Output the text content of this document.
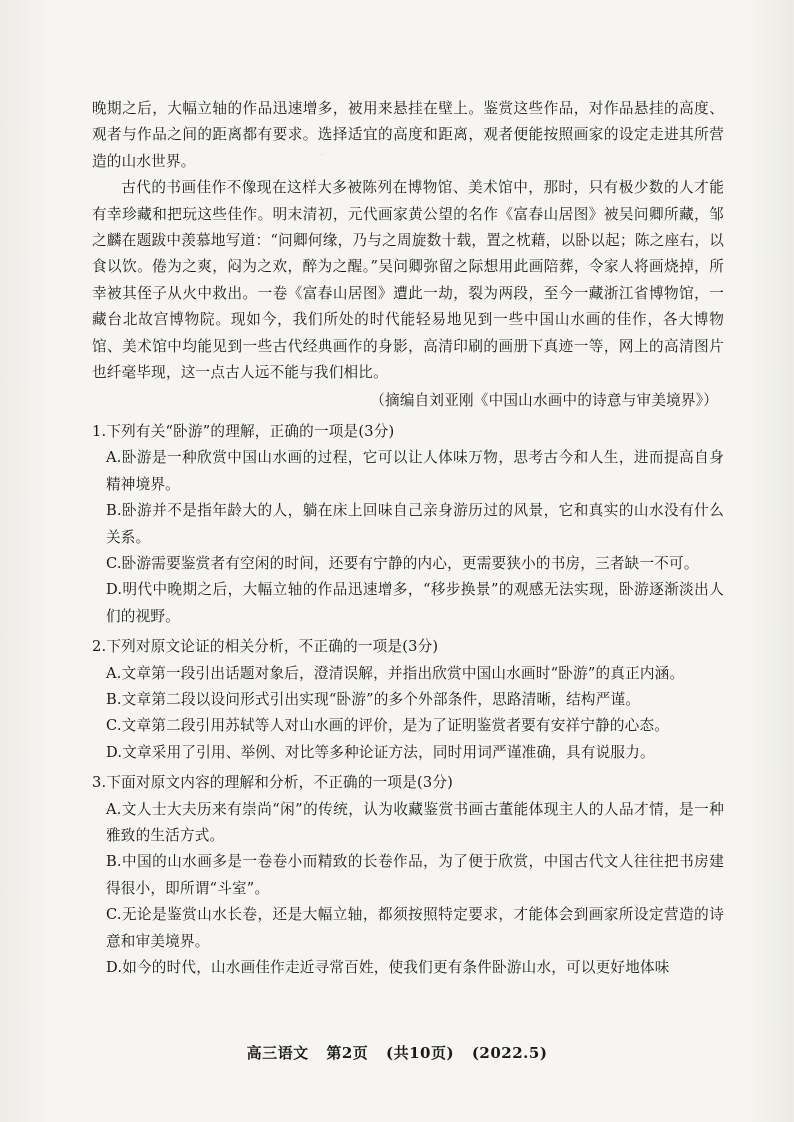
·

晚期之后，大幅立轴的作品迅速增多，被用来悬挂在壁上。鉴赏这些作品，对作品悬挂的高度、观者与作品之间的距离都有要求。选择适宜的高度和距离，观者便能按照画家的设定走进其所营造的山水世界。

古代的书画佳作不像现在这样大多被陈列在博物馆、美术馆中，那时，只有极少数的人才能有幸珍藏和把玩这些佳作。明末清初，元代画家黄公望的名作《富春山居图》被吴问卿所藏，邹之麟在题跋中羡慕地写道：“问卿何缘，乃与之周旋数十载，置之枕藉，以卧以起；陈之座右，以食以饮。倦为之爽，闷为之欢，醉为之醒。”吴问卿弥留之际想用此画陪葬，令家人将画烧掉，所幸被其侄子从火中救出。一卷《富春山居图》遭此一劫，裂为两段，至今一藏浙江省博物馆，一藏台北故宫博物院。现如今，我们所处的时代能轻易地见到一些中国山水画的佳作，各大博物馆、美术馆中均能见到一些古代经典画作的身影，高清印刷的画册下真迹一等，网上的高清图片也纤毫毕现，这一点古人远不能与我们相比。

（摘编自刘亚刚《中国山水画中的诗意与审美境界》）

1.下列有关“卧游”的理解，正确的一项是(3分)

A.卧游是一种欣赏中国山水画的过程，它可以让人体味万物，思考古今和人生，进而提高自身精神境界。

B.卧游并不是指年龄大的人，躺在床上回味自己亲身游历过的风景，它和真实的山水没有什么关系。

C.卧游需要鉴赏者有空闲的时间，还要有宁静的内心，更需要狭小的书房，三者缺一不可。

D.明代中晚期之后，大幅立轴的作品迅速增多，“移步换景”的观感无法实现，卧游逐渐淡出人们的视野。

2.下列对原文论证的相关分析，不正确的一项是(3分)

A.文章第一段引出话题对象后，澄清误解，并指出欣赏中国山水画时“卧游”的真正内涵。

B.文章第二段以设问形式引出实现“卧游”的多个外部条件，思路清晰，结构严谨。

C.文章第二段引用苏轼等人对山水画的评价，是为了证明鉴赏者要有安祥宁静的心态。

D.文章采用了引用、举例、对比等多种论证方法，同时用词严谨准确，具有说服力。

3.下面对原文内容的理解和分析，不正确的一项是(3分)

A.文人士大夫历来有崇尚“闲”的传统，认为收藏鉴赏书画古董能体现主人的人品才情，是一种雅致的生活方式。

B.中国的山水画多是一卷卷小而精致的长卷作品，为了便于欣赏，中国古代文人往往把书房建得很小，即所谓“斗室”。

C.无论是鉴赏山水长卷，还是大幅立轴，都须按照特定要求，才能体会到画家所设定营造的诗意和审美境界。

D.如今的时代，山水画佳作走近寻常百姓，使我们更有条件卧游山水，可以更好地体味

高三语文 第2页 (共10页) (2022.5)
